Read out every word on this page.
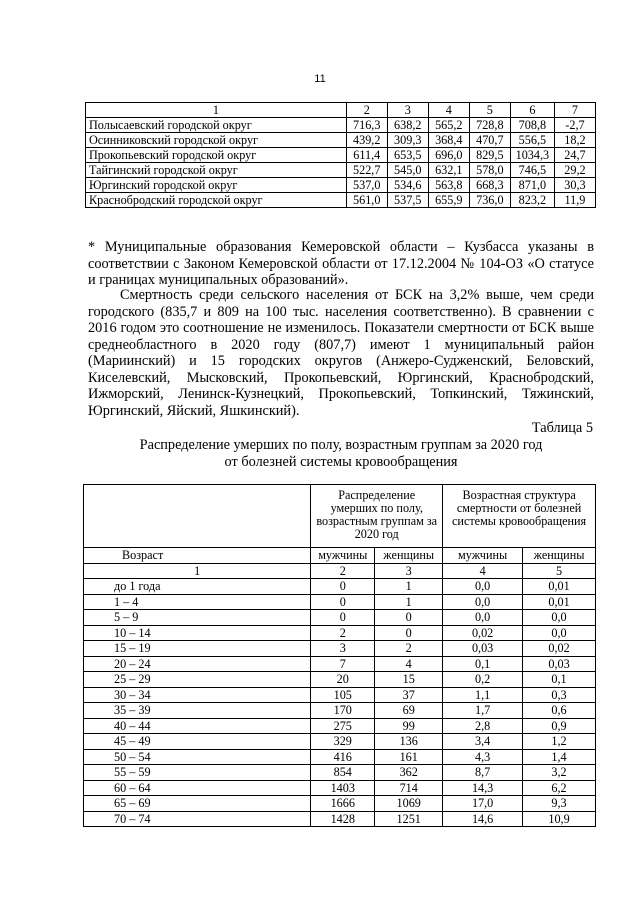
11
1	2	3	4	5	6	7
Полысаевский городской округ	716,3	638,2	565,2	728,8	708,8	-2,7
Осинниковский городской округ	439,2	309,3	368,4	470,7	556,5	18,2
Прокопьевский городской округ	611,4	653,5	696,0	829,5	1034,3	24,7
Тайгинский городской округ	522,7	545,0	632,1	578,0	746,5	29,2
Юргинский городской округ	537,0	534,6	563,8	668,3	871,0	30,3
Краснобродский городской округ	561,0	537,5	655,9	736,0	823,2	11,9
* Муниципальные образования Кемеровской области – Кузбасса указаны в соответствии с Законом Кемеровской области от 17.12.2004 № 104-ОЗ «О статусе и границах муниципальных образований».
Смертность среди сельского населения от БСК на 3,2% выше, чем среди городского (835,7 и 809 на 100 тыс. населения соответственно). В сравнении с 2016 годом это соотношение не изменилось. Показатели смертности от БСК выше среднеобластного в 2020 году (807,7) имеют 1 муниципальный район (Мариинский) и 15 городских округов (Анжеро-Судженский, Беловский, Киселевский, Мысковский, Прокопьевский, Юргинский, Краснобродский, Ижморский, Ленинск-Кузнецкий, Прокопьевский, Топкинский, Тяжинский, Юргинский, Яйский, Яшкинский).
Таблица 5
Распределение умерших по полу, возрастным группам за 2020 год
от болезней системы кровообращения
	Распределение умерших по полу, возрастным группам за 2020 год		Возрастная структура смертности от болезней системы кровообращения	
Возраст	мужчины	женщины	мужчины	женщины
1	2	3	4	5
до 1 года	0	1	0,0	0,01
1 – 4	0	1	0,0	0,01
5 – 9	0	0	0,0	0,0
10 – 14	2	0	0,02	0,0
15 – 19	3	2	0,03	0,02
20 – 24	7	4	0,1	0,03
25 – 29	20	15	0,2	0,1
30 – 34	105	37	1,1	0,3
35 – 39	170	69	1,7	0,6
40 – 44	275	99	2,8	0,9
45 – 49	329	136	3,4	1,2
50 – 54	416	161	4,3	1,4
55 – 59	854	362	8,7	3,2
60 – 64	1403	714	14,3	6,2
65 – 69	1666	1069	17,0	9,3
70 – 74	1428	1251	14,6	10,9
